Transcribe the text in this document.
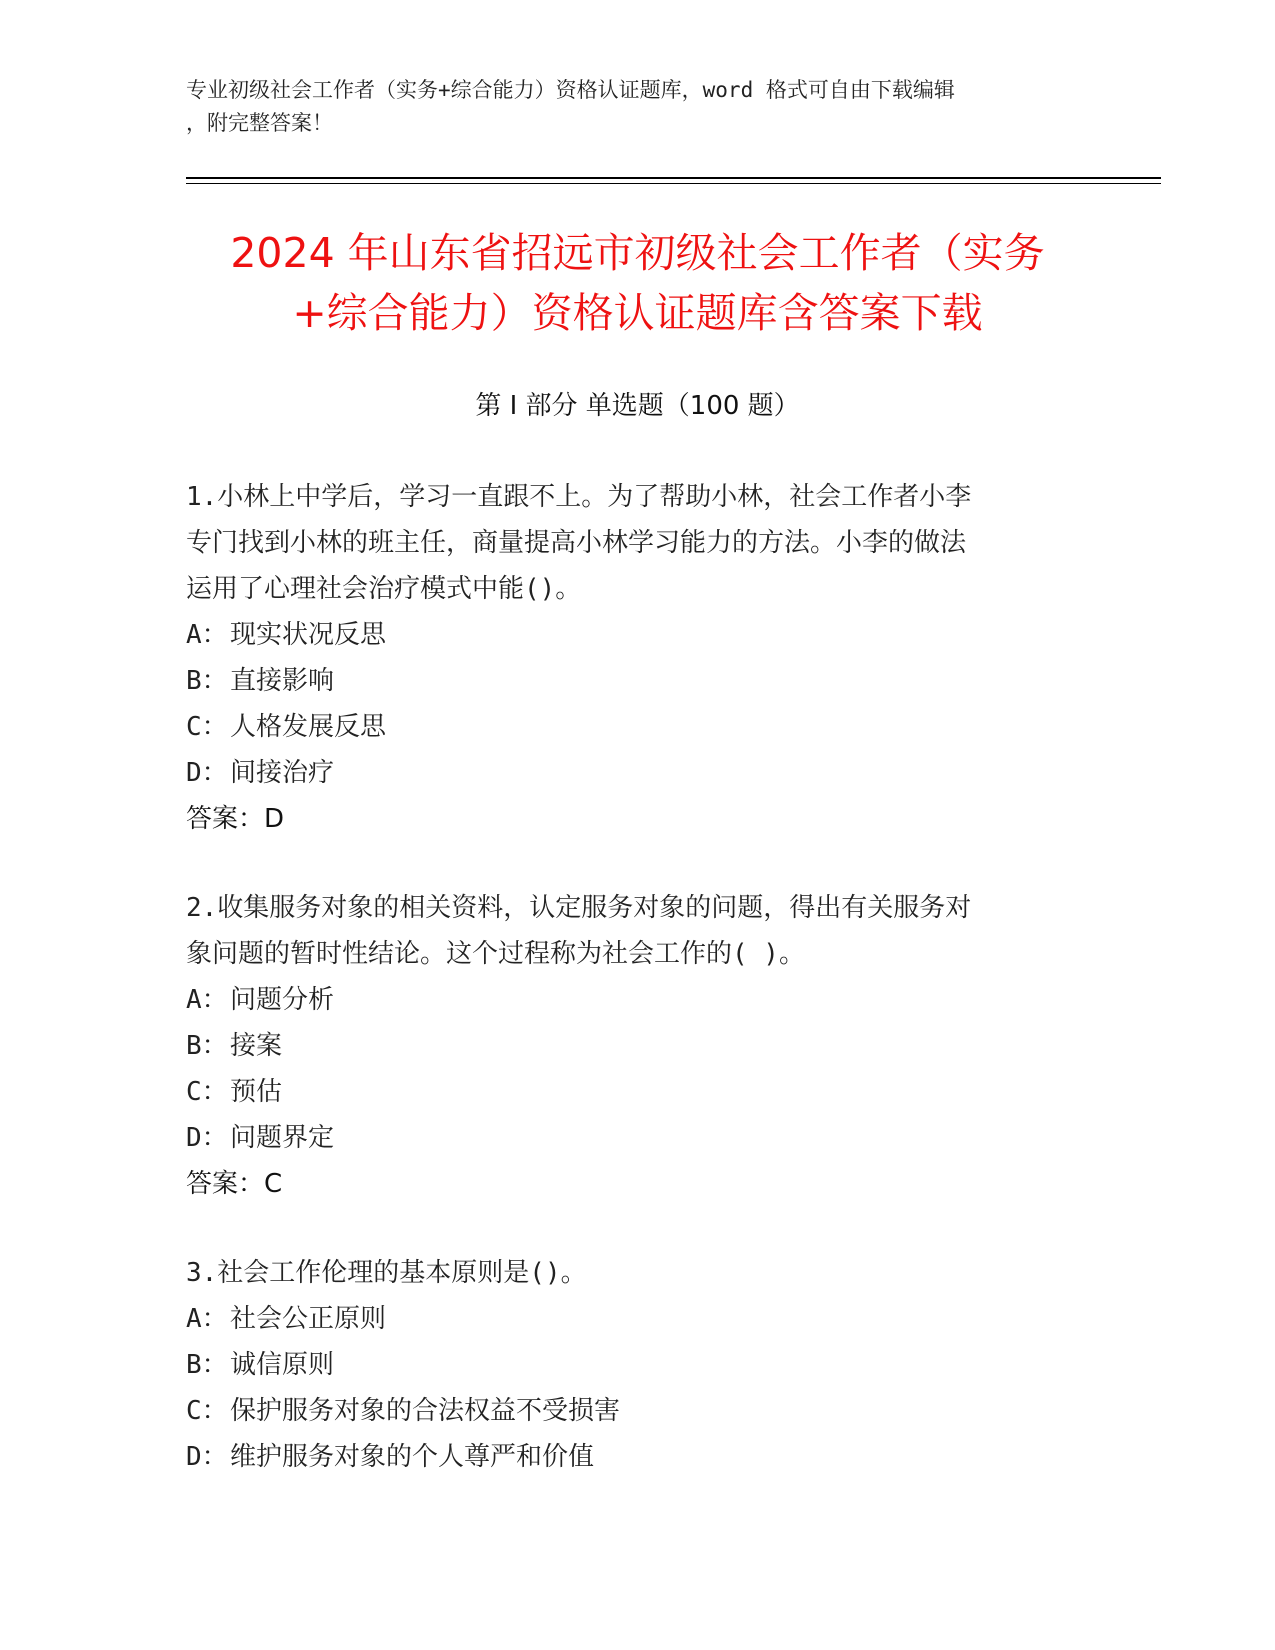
专业初级社会工作者（实务+综合能力）资格认证题库，word 格式可自由下载编辑
，附完整答案！
2024 年山东省招远市初级社会工作者（实务
+综合能力）资格认证题库含答案下载
第 I 部分 单选题（100 题）
1.小林上中学后，学习一直跟不上。为了帮助小林，社会工作者小李
专门找到小林的班主任，商量提高小林学习能力的方法。小李的做法
运用了心理社会治疗模式中能()。
A：现实状况反思
B：直接影响
C：人格发展反思
D：间接治疗
答案：D
2.收集服务对象的相关资料，认定服务对象的问题，得出有关服务对
象问题的暂时性结论。这个过程称为社会工作的( )。
A：问题分析
B：接案
C：预估
D：问题界定
答案：C
3.社会工作伦理的基本原则是()。
A：社会公正原则
B：诚信原则
C：保护服务对象的合法权益不受损害
D：维护服务对象的个人尊严和价值
